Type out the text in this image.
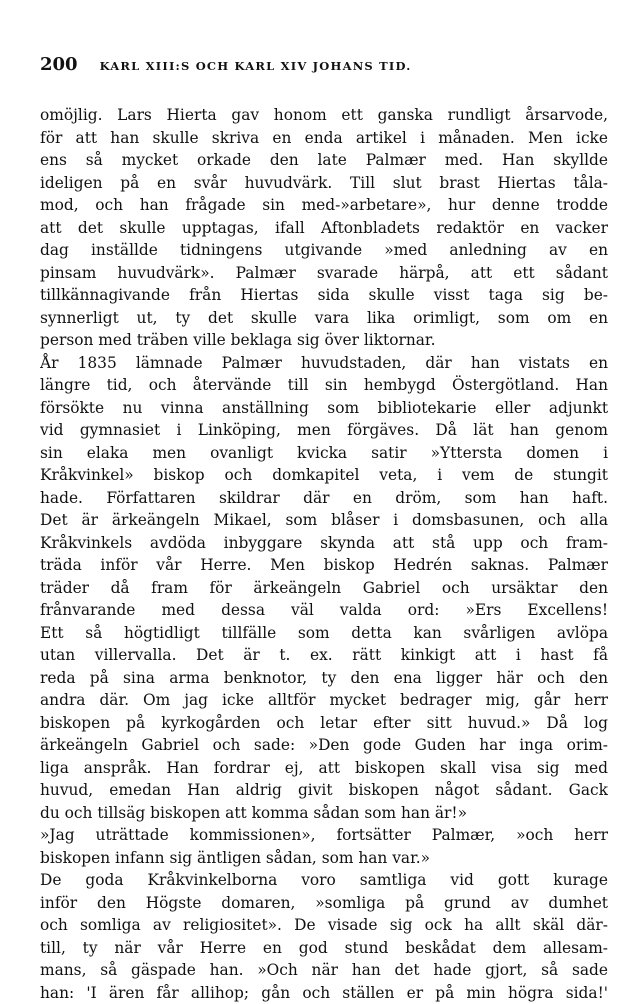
200 KARL XIII:S OCH KARL XIV JOHANS TID.
omöjlig. Lars Hierta gav honom ett ganska rundligt årsarvode,
för att han skulle skriva en enda artikel i månaden. Men icke
ens så mycket orkade den late Palmær med. Han skyllde
ideligen på en svår huvudvärk. Till slut brast Hiertas tåla-
mod, och han frågade sin med-»arbetare», hur denne trodde
att det skulle upptagas, ifall Aftonbladets redaktör en vacker
dag inställde tidningens utgivande »med anledning av en
pinsam huvudvärk». Palmær svarade härpå, att ett sådant
tillkännagivande från Hiertas sida skulle visst taga sig be-
synnerligt ut, ty det skulle vara lika orimligt, som om en
person med träben ville beklaga sig över liktornar.
År 1835 lämnade Palmær huvudstaden, där han vistats en
längre tid, och återvände till sin hembygd Östergötland. Han
försökte nu vinna anställning som bibliotekarie eller adjunkt
vid gymnasiet i Linköping, men förgäves. Då lät han genom
sin elaka men ovanligt kvicka satir »Yttersta domen i
Kråkvinkel» biskop och domkapitel veta, i vem de stungit
hade. Författaren skildrar där en dröm, som han haft.
Det är ärkeängeln Mikael, som blåser i domsbasunen, och alla
Kråkvinkels avdöda inbyggare skynda att stå upp och fram-
träda inför vår Herre. Men biskop Hedrén saknas. Palmær
träder då fram för ärkeängeln Gabriel och ursäktar den
frånvarande med dessa väl valda ord: »Ers Excellens!
Ett så högtidligt tillfälle som detta kan svårligen avlöpa
utan villervalla. Det är t. ex. rätt kinkigt att i hast få
reda på sina arma benknotor, ty den ena ligger här och den
andra där. Om jag icke alltför mycket bedrager mig, går herr
biskopen på kyrkogården och letar efter sitt huvud.» Då log
ärkeängeln Gabriel och sade: »Den gode Guden har inga orim-
liga anspråk. Han fordrar ej, att biskopen skall visa sig med
huvud, emedan Han aldrig givit biskopen något sådant. Gack
du och tillsäg biskopen att komma sådan som han är!»
»Jag uträttade kommissionen», fortsätter Palmær, »och herr
biskopen infann sig äntligen sådan, som han var.»
De goda Kråkvinkelborna voro samtliga vid gott kurage
inför den Högste domaren, »somliga på grund av dumhet
och somliga av religiositet». De visade sig ock ha allt skäl där-
till, ty när vår Herre en god stund beskådat dem allesam-
mans, så gäspade han. »Och när han det hade gjort, så sade
han: 'I ären får allihop; gån och ställen er på min högra sida!'
